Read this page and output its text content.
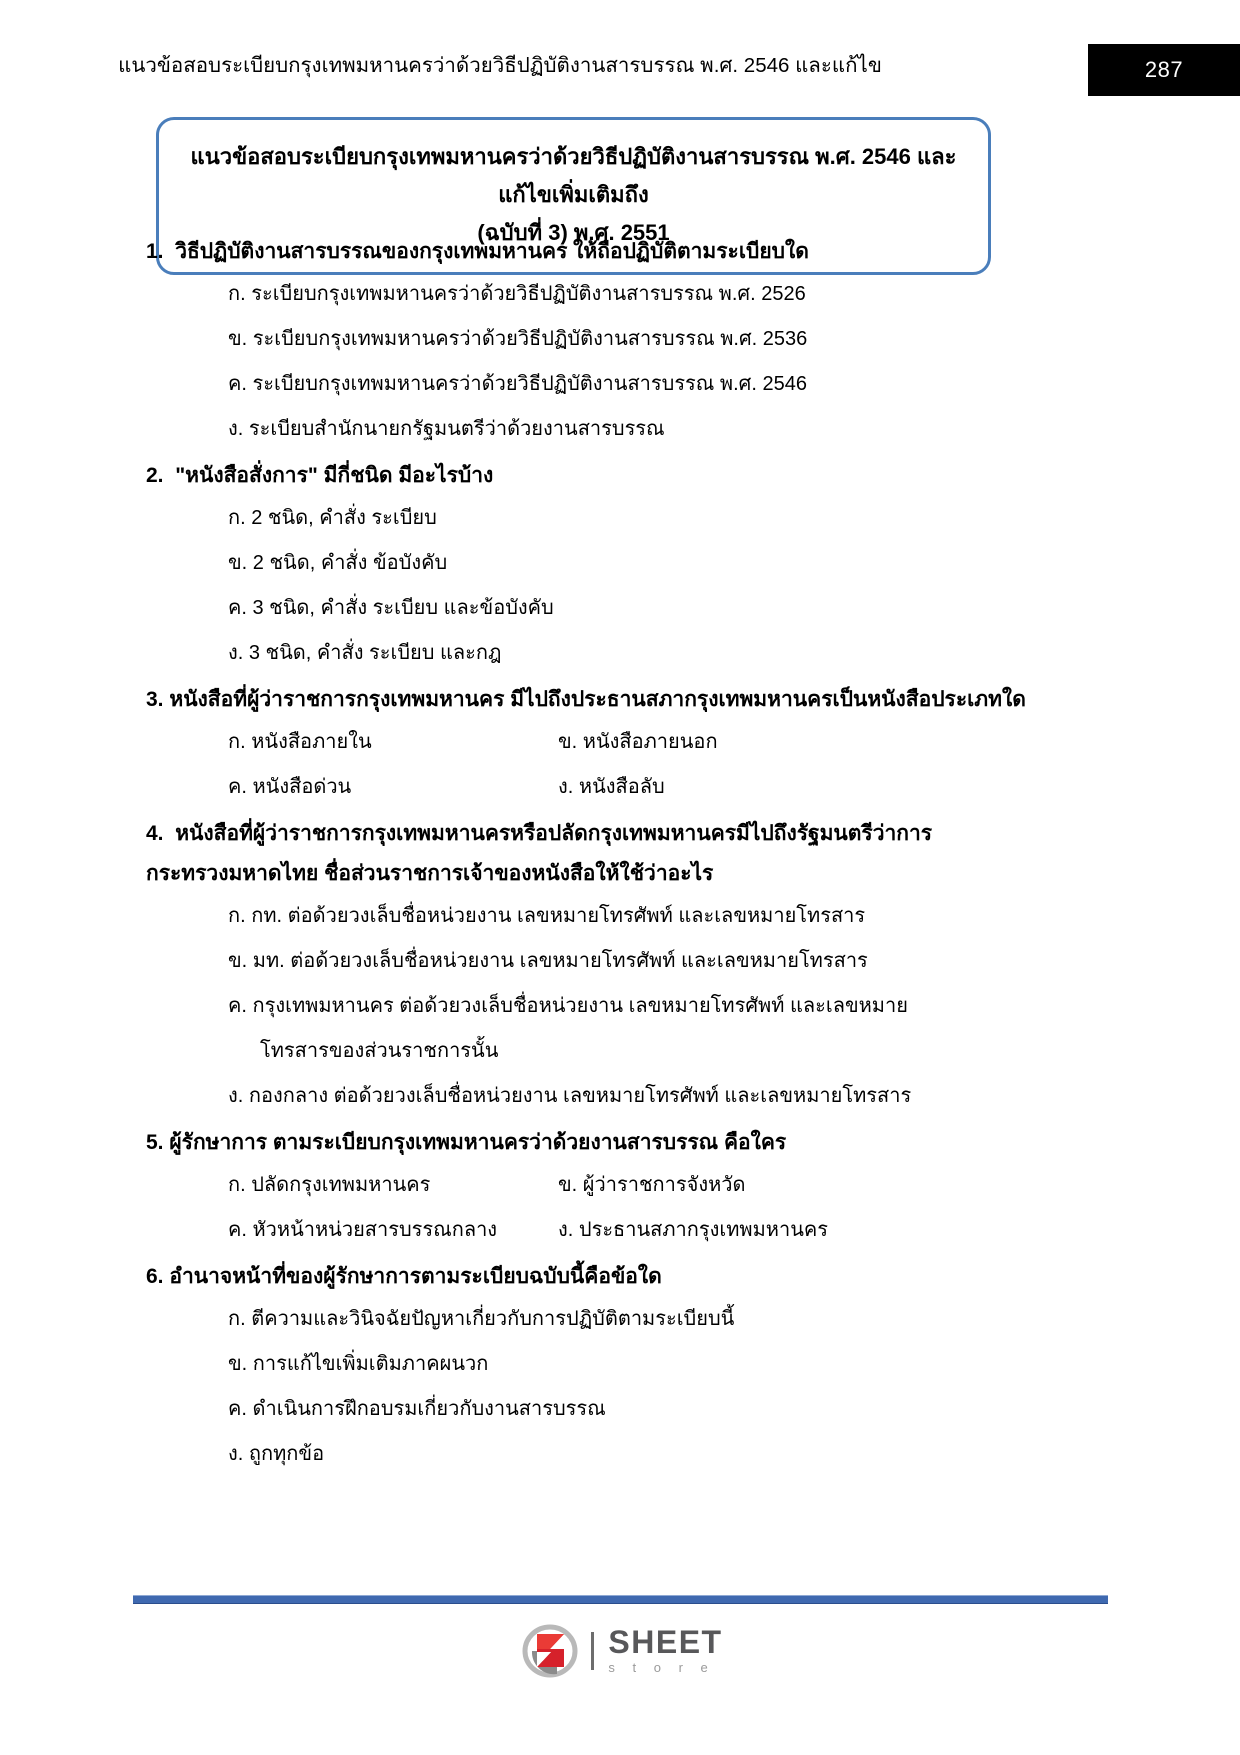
แนวข้อสอบระเบียบกรุงเทพมหานครว่าด้วยวิธีปฏิบัติงานสารบรรณ พ.ศ. 2546 และแก้ไข	287
แนวข้อสอบระเบียบกรุงเทพมหานครว่าด้วยวิธีปฏิบัติงานสารบรรณ พ.ศ. 2546 และแก้ไขเพิ่มเติมถึง
(ฉบับที่ 3) พ.ศ. 2551
1. วิธีปฏิบัติงานสารบรรณของกรุงเทพมหานคร ให้ถือปฏิบัติตามระเบียบใด
ก. ระเบียบกรุงเทพมหานครว่าด้วยวิธีปฏิบัติงานสารบรรณ พ.ศ. 2526
ข. ระเบียบกรุงเทพมหานครว่าด้วยวิธีปฏิบัติงานสารบรรณ พ.ศ. 2536
ค. ระเบียบกรุงเทพมหานครว่าด้วยวิธีปฏิบัติงานสารบรรณ พ.ศ. 2546
ง. ระเบียบสำนักนายกรัฐมนตรีว่าด้วยงานสารบรรณ
2. "หนังสือสั่งการ" มีกี่ชนิด มีอะไรบ้าง
ก. 2 ชนิด, คำสั่ง ระเบียบ
ข. 2 ชนิด, คำสั่ง ข้อบังคับ
ค. 3 ชนิด, คำสั่ง ระเบียบ และข้อบังคับ
ง. 3 ชนิด, คำสั่ง ระเบียบ และกฎ
3. หนังสือที่ผู้ว่าราชการกรุงเทพมหานคร มีไปถึงประธานสภากรุงเทพมหานครเป็นหนังสือประเภทใด
ก. หนังสือภายใน	ข. หนังสือภายนอก
ค. หนังสือด่วน	ง. หนังสือลับ
4. หนังสือที่ผู้ว่าราชการกรุงเทพมหานครหรือปลัดกรุงเทพมหานครมีไปถึงรัฐมนตรีว่าการ
กระทรวงมหาดไทย ชื่อส่วนราชการเจ้าของหนังสือให้ใช้ว่าอะไร
ก. กท. ต่อด้วยวงเล็บชื่อหน่วยงาน เลขหมายโทรศัพท์ และเลขหมายโทรสาร
ข. มท. ต่อด้วยวงเล็บชื่อหน่วยงาน เลขหมายโทรศัพท์ และเลขหมายโทรสาร
ค. กรุงเทพมหานคร ต่อด้วยวงเล็บชื่อหน่วยงาน เลขหมายโทรศัพท์ และเลขหมาย
โทรสารของส่วนราชการนั้น
ง. กองกลาง ต่อด้วยวงเล็บชื่อหน่วยงาน เลขหมายโทรศัพท์ และเลขหมายโทรสาร
5. ผู้รักษาการ ตามระเบียบกรุงเทพมหานครว่าด้วยงานสารบรรณ คือใคร
ก. ปลัดกรุงเทพมหานคร	ข. ผู้ว่าราชการจังหวัด
ค. หัวหน้าหน่วยสารบรรณกลาง	ง. ประธานสภากรุงเทพมหานคร
6. อำนาจหน้าที่ของผู้รักษาการตามระเบียบฉบับนี้คือข้อใด
ก. ตีความและวินิจฉัยปัญหาเกี่ยวกับการปฏิบัติตามระเบียบนี้
ข. การแก้ไขเพิ่มเติมภาคผนวก
ค. ดำเนินการฝึกอบรมเกี่ยวกับงานสารบรรณ
ง. ถูกทุกข้อ
SHEET
s t o r e
